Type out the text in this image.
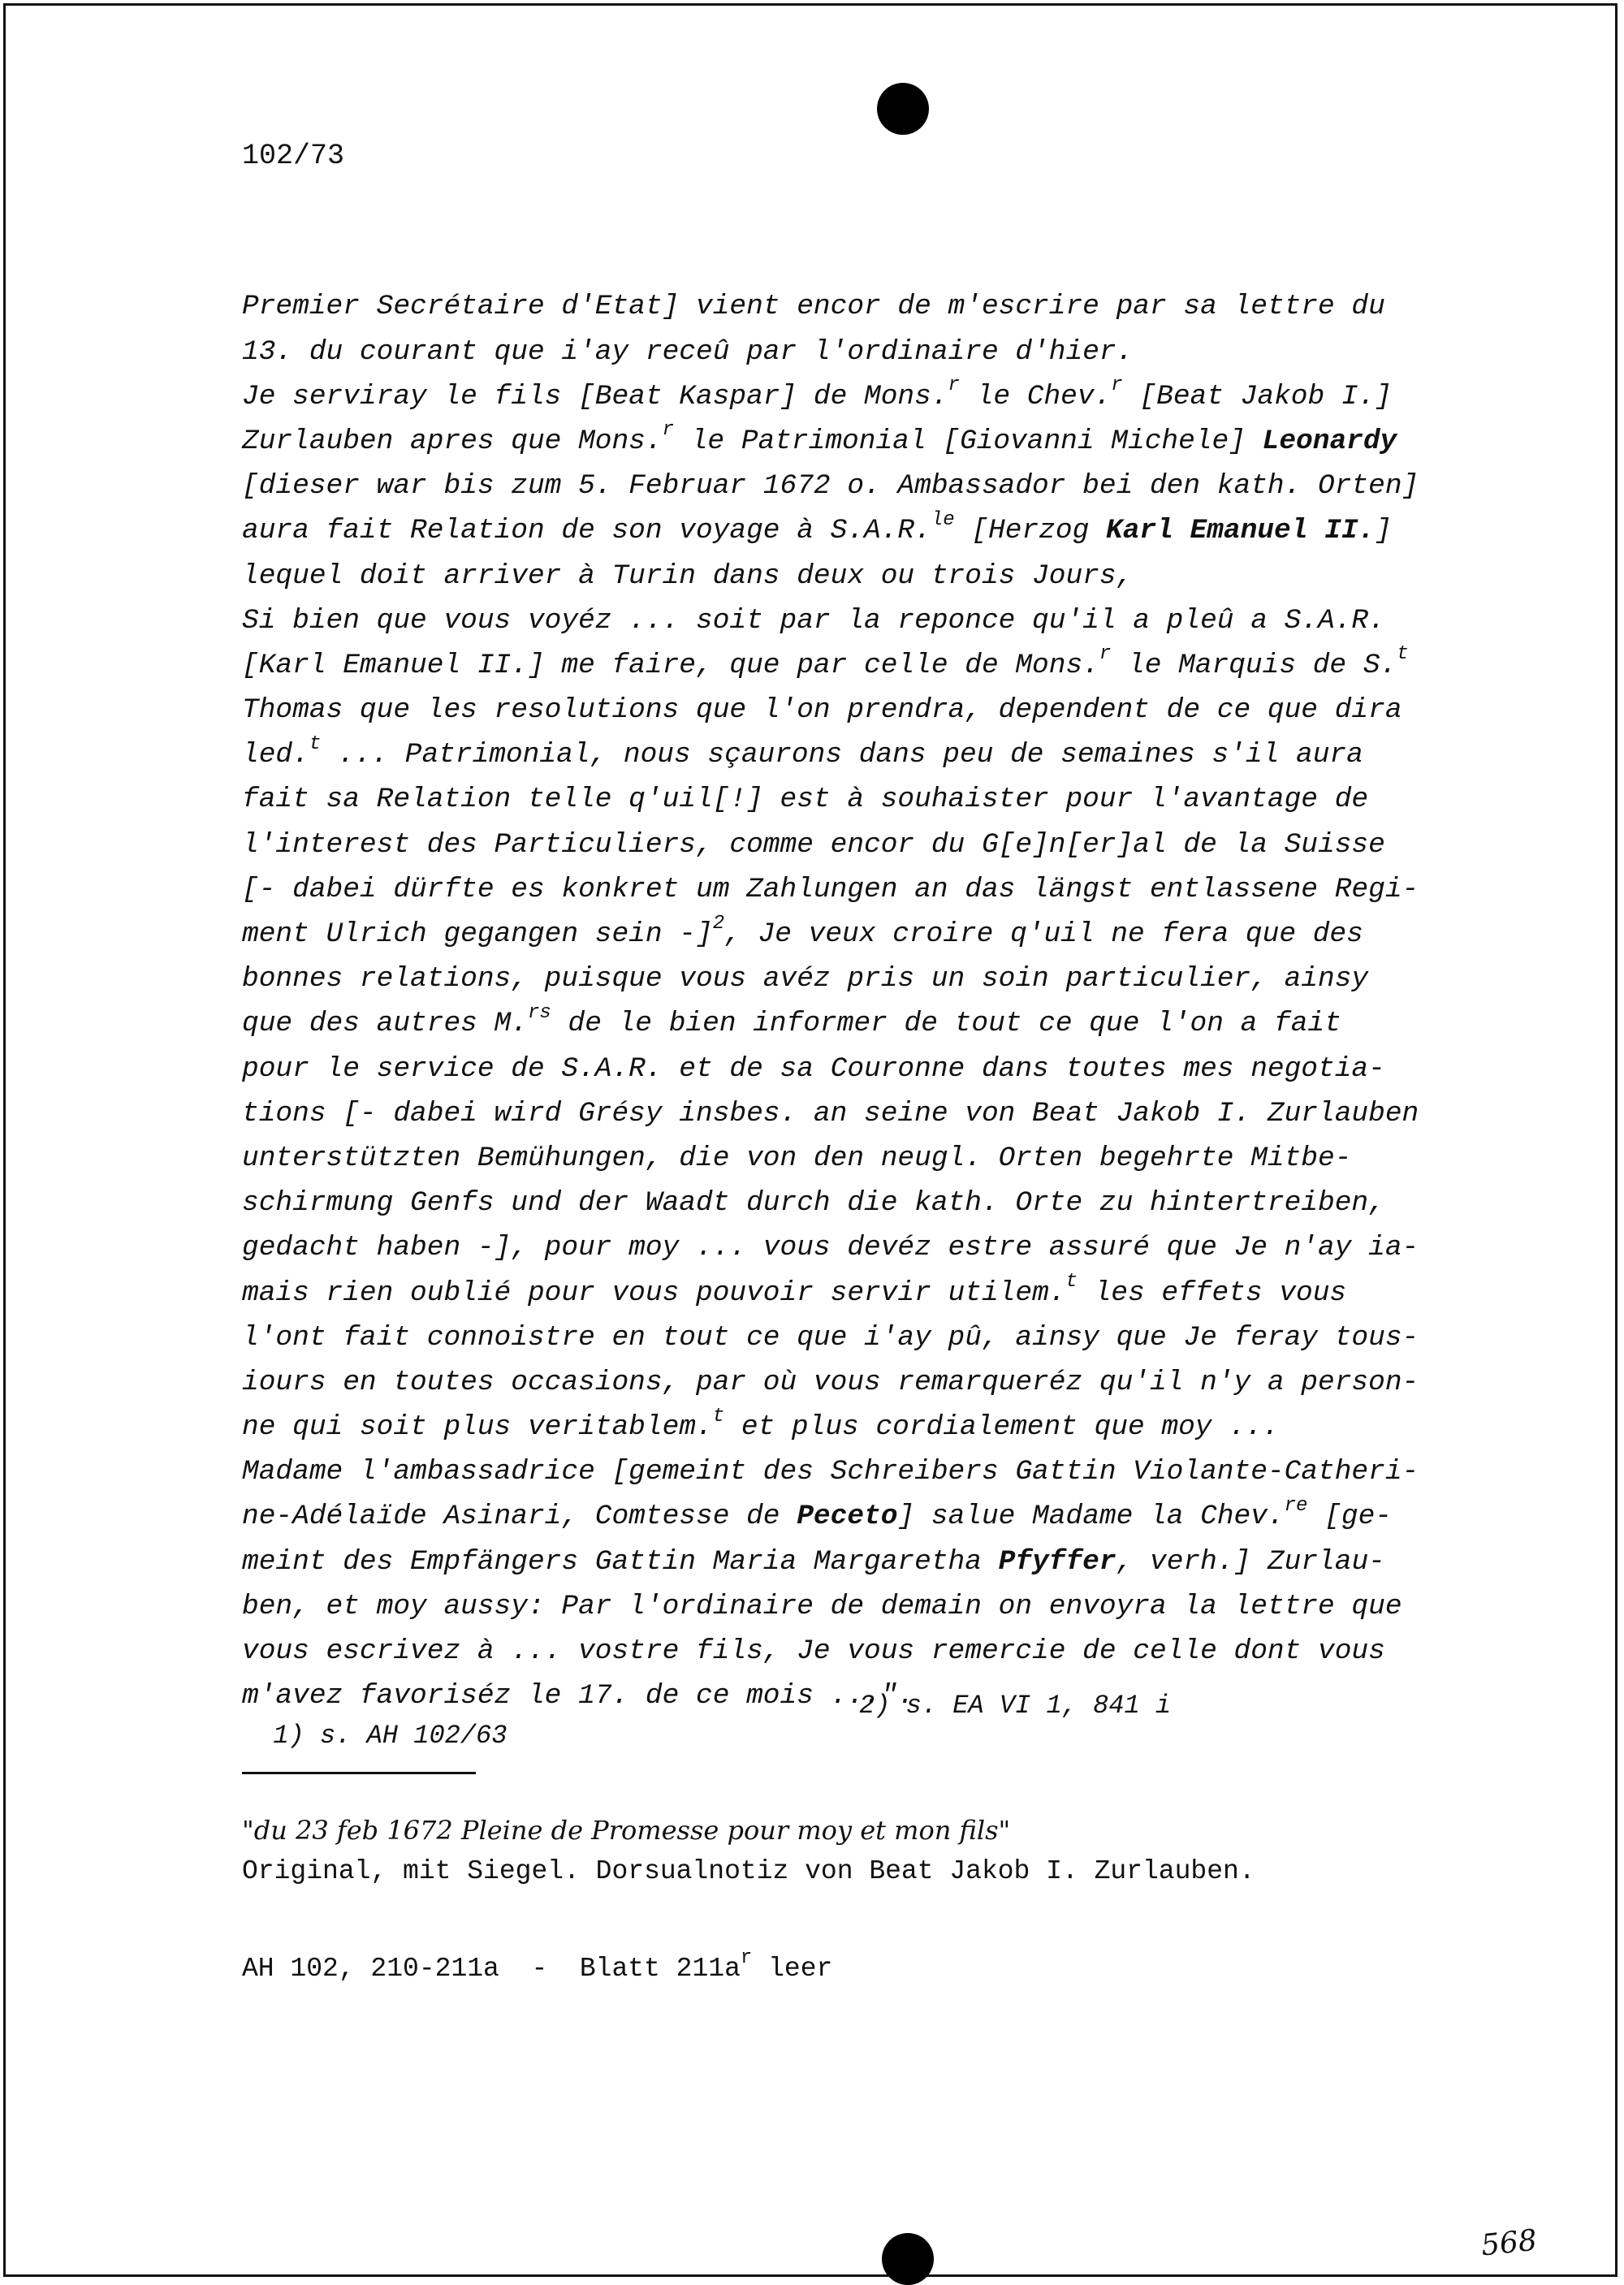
102/73

Premier Secrétaire d'Etat] vient encor de m'escrire par sa lettre du
13. du courant que i'ay receû par l'ordinaire d'hier.
Je serviray le fils [Beat Kaspar] de Mons.$^r$ le Chev.$^r$ [Beat Jakob I.]
Zurlauben apres que Mons.$^r$ le Patrimonial [Giovanni Michele] Leonardy
[dieser war bis zum 5. Februar 1672 o. Ambassador bei den kath. Orten]
aura fait Relation de son voyage à S.A.R.$^{le}$ [Herzog Karl Emanuel II.]
lequel doit arriver à Turin dans deux ou trois Jours,
Si bien que vous voyéz ... soit par la reponce qu'il a pleû a S.A.R.
[Karl Emanuel II.] me faire, que par celle de Mons.$^r$ le Marquis de S.$^t$
Thomas que les resolutions que l'on prendra, dependent de ce que dira
led.$^t$ ... Patrimonial, nous sçaurons dans peu de semaines s'il aura
fait sa Relation telle q'uil[!] est à souhaister pour l'avantage de
l'interest des Particuliers, comme encor du G[e]n[er]al de la Suisse
[- dabei dürfte es konkret um Zahlungen an das längst entlassene Regi-
ment Ulrich gegangen sein -]$^2$, Je veux croire q'uil ne fera que des
bonnes relations, puisque vous avéz pris un soin particulier, ainsy
que des autres M.$^{rs}$ de le bien informer de tout ce que l'on a fait
pour le service de S.A.R. et de sa Couronne dans toutes mes negotia-
tions [- dabei wird Grésy insbes. an seine von Beat Jakob I. Zurlauben
unterstützten Bemühungen, die von den neugl. Orten begehrte Mitbe-
schirmung Genfs und der Waadt durch die kath. Orte zu hintertreiben,
gedacht haben -], pour moy ... vous devéz estre assuré que Je n'ay ia-
mais rien oublié pour vous pouvoir servir utilem.$^t$ les effets vous
l'ont fait connoistre en tout ce que i'ay pû, ainsy que Je feray tous-
iours en toutes occasions, par où vous remarqueréz qu'il n'y a person-
ne qui soit plus veritablem.$^t$ et plus cordialement que moy ...
Madame l'ambassadrice [gemeint des Schreibers Gattin Violante-Catheri-
ne-Adélaïde Asinari, Comtesse de Peceto] salue Madame la Chev.$^{re}$ [ge-
meint des Empfängers Gattin Maria Margaretha Pfyffer, verh.] Zurlau-
ben, et moy aussy: Par l'ordinaire de demain on envoyra la lettre que
vous escrivez à ... vostre fils, Je vous remercie de celle dont vous
m'avez favoriséz le 17. de ce mois ...".

"du 23 feb 1672 Pleine de Promesse pour moy et mon fils"

1) s. AH 102/63

2) s. EA VI 1, 841 i

Original, mit Siegel. Dorsualnotiz von Beat Jakob I. Zurlauben.

AH 102, 210-211a  -  Blatt $211a^r$ leer

568
